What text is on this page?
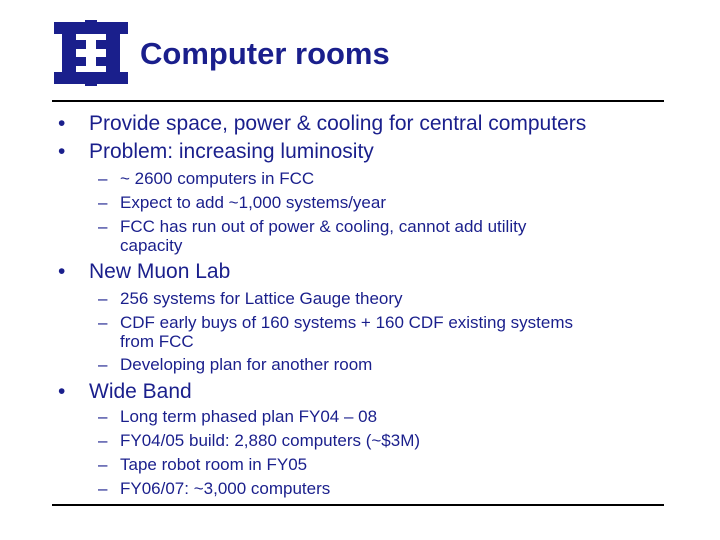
Computer rooms
• Provide space, power & cooling for central computers
• Problem: increasing luminosity
– ~ 2600 computers in FCC
– Expect to add ~1,000 systems/year
– FCC has run out of power & cooling, cannot add utility
capacity
• New Muon Lab
– 256 systems for Lattice Gauge theory
– CDF early buys of 160 systems + 160 CDF existing systems
from FCC
– Developing plan for another room
• Wide Band
– Long term phased plan FY04 – 08
– FY04/05 build: 2,880 computers (~$3M)
– Tape robot room in FY05
– FY06/07: ~3,000 computers
